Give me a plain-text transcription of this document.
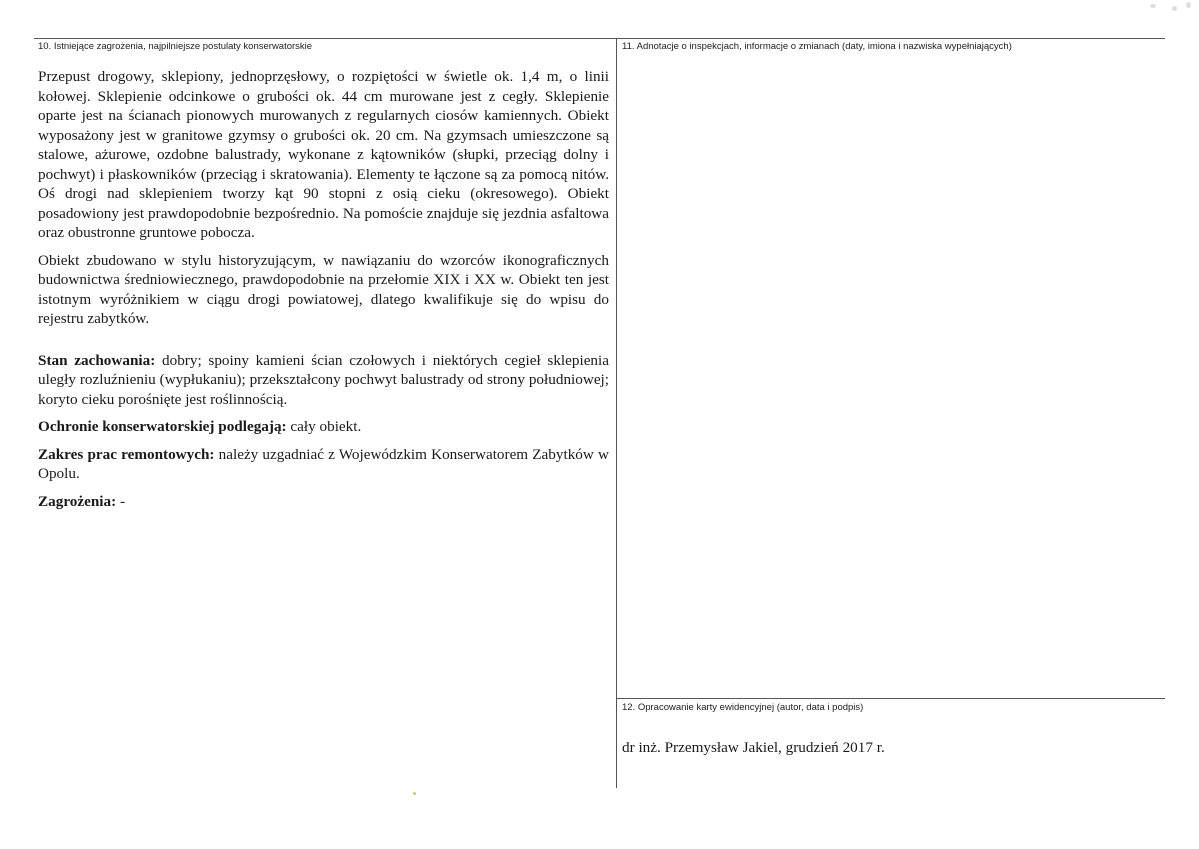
10. Istniejące zagrożenia, najpilniejsze postulaty konserwatorskie

Przepust drogowy, sklepiony, jednoprzęsłowy, o rozpiętości w świetle ok. 1,4 m, o linii kołowej. Sklepienie odcinkowe o grubości ok. 44 cm murowane jest z cegły. Sklepienie oparte jest na ścianach pionowych murowanych z regularnych ciosów kamiennych. Obiekt wyposażony jest w granitowe gzymsy o grubości ok. 20 cm. Na gzymsach umieszczone są stalowe, ażurowe, ozdobne balustrady, wykonane z kątowników (słupki, przeciąg dolny i pochwyt) i płaskowników (przeciąg i skratowania). Elementy te łączone są za pomocą nitów. Oś drogi nad sklepieniem tworzy kąt 90 stopni z osią cieku (okresowego). Obiekt posadowiony jest prawdopodobnie bezpośrednio. Na pomoście znajduje się jezdnia asfaltowa oraz obustronne gruntowe pobocza.

Obiekt zbudowano w stylu historyzującym, w nawiązaniu do wzorców ikonograficznych budownictwa średniowiecznego, prawdopodobnie na przełomie XIX i XX w. Obiekt ten jest istotnym wyróżnikiem w ciągu drogi powiatowej, dlatego kwalifikuje się do wpisu do rejestru zabytków.

Stan zachowania: dobry; spoiny kamieni ścian czołowych i niektórych cegieł sklepienia uległy rozluźnieniu (wypłukaniu); przekształcony pochwyt balustrady od strony południowej; koryto cieku porośnięte jest roślinnością.

Ochronie konserwatorskiej podlegają: cały obiekt.

Zakres prac remontowych: należy uzgadniać z Wojewódzkim Konserwatorem Zabytków w Opolu.

Zagrożenia: -

11. Adnotacje o inspekcjach, informacje o zmianach (daty, imiona i nazwiska wypełniających)
12. Opracowanie karty ewidencyjnej (autor, data i podpis)
dr inż. Przemysław Jakiel, grudzień 2017 r.
